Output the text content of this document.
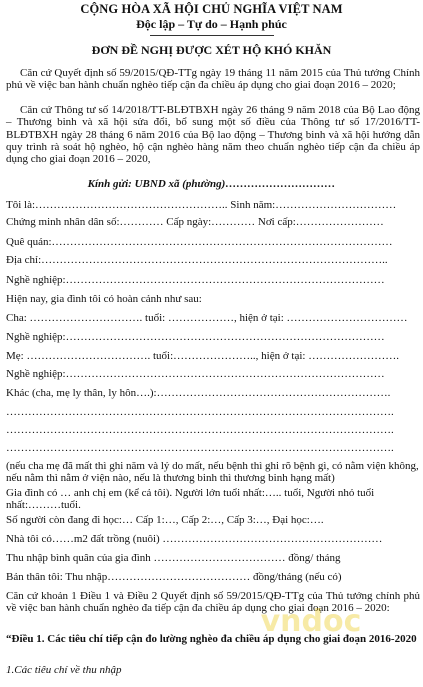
CỘNG HÒA XÃ HỘI CHỦ NGHĨA VIỆT NAM
Độc lập – Tự do – Hạnh phúc
ĐƠN ĐỀ NGHỊ ĐƯỢC XÉT HỘ KHÓ KHĂN
Căn cứ Quyết định số 59/2015/QĐ-TTg ngày 19 tháng 11 năm 2015 của Thủ tướng Chính phủ về việc ban hành chuẩn nghèo tiếp cận đa chiều áp dụng cho giai đoạn 2016 – 2020;
Căn cứ Thông tư số 14/2018/TT-BLĐTBXH ngày 26 tháng 9 năm 2018 của Bộ Lao động – Thương binh và xã hội sửa đổi, bổ sung một số điều của Thông tư số 17/2016/TT-BLĐTBXH ngày 28 tháng 6 năm 2016 của Bộ lao động – Thương binh và xã hội hướng dẫn quy trình rà soát hộ nghèo, hộ cận nghèo hàng năm theo chuẩn nghèo tiếp cận đa chiều áp dụng cho giai đoạn 2016 – 2020,
Kính gửi: UBND xã (phường)…………………………
Tôi là:…………………………………………….. Sinh năm:……………………………
Chứng minh nhân dân số:………… Cấp ngày:………… Nơi cấp:……………………
Quê quán:…………………………………………………………………………………
Địa chỉ:…………………………………………………………………………………..
Nghề nghiệp:……………………………………………………………………………
Hiện nay, gia đình tôi có hoàn cảnh như sau:
Cha: …………………………. tuổi: ………………, hiện ở tại: ……………………………
Nghề nghiệp:……………………………………………………………………………
Mẹ: ……………………………. tuổi:………………….., hiện ở tại: …………………….
Nghề nghiệp:……………………………………………………………………………
Khác (cha, mẹ ly thân, ly hôn….):……………………………………………………….
…………………………………………………………………………………………….
…………………………………………………………………………………………….
…………………………………………………………………………………………….
(nếu cha mẹ đã mất thì ghi năm và lý do mất, nếu bệnh thì ghi rõ bệnh gì, có nằm viện không, nếu nằm thì nằm ở viện nào, nếu là thương binh thì thương binh hạng mất)
Gia đình có … anh chị em (kể cả tôi). Người lớn tuổi nhất:….. tuổi, Người nhỏ tuổi nhất:………tuổi.
Số người còn đang đi học:… Cấp 1:…, Cấp 2:…, Cấp 3:…, Đại học:….
Nhà tôi có……m2 đất trồng (nuôi) ……………………………………………………
Thu nhập bình quân của gia đình ……………………………… đồng/ tháng
Bản thân tôi: Thu nhập………………………………… đồng/tháng (nếu có)
Căn cứ khoản 1 Điều 1 và Điều 2 Quyết định số 59/2015/QĐ-TTg của Thủ tướng chính phủ về việc ban hành chuẩn nghèo đa tiếp cận đa chiều áp dụng cho giai đoạn 2016 – 2020:
“Điều 1. Các tiêu chí tiếp cận đo lường nghèo đa chiều áp dụng cho giai đoạn 2016-2020
1.Các tiêu chí về thu nhập
vndoc
